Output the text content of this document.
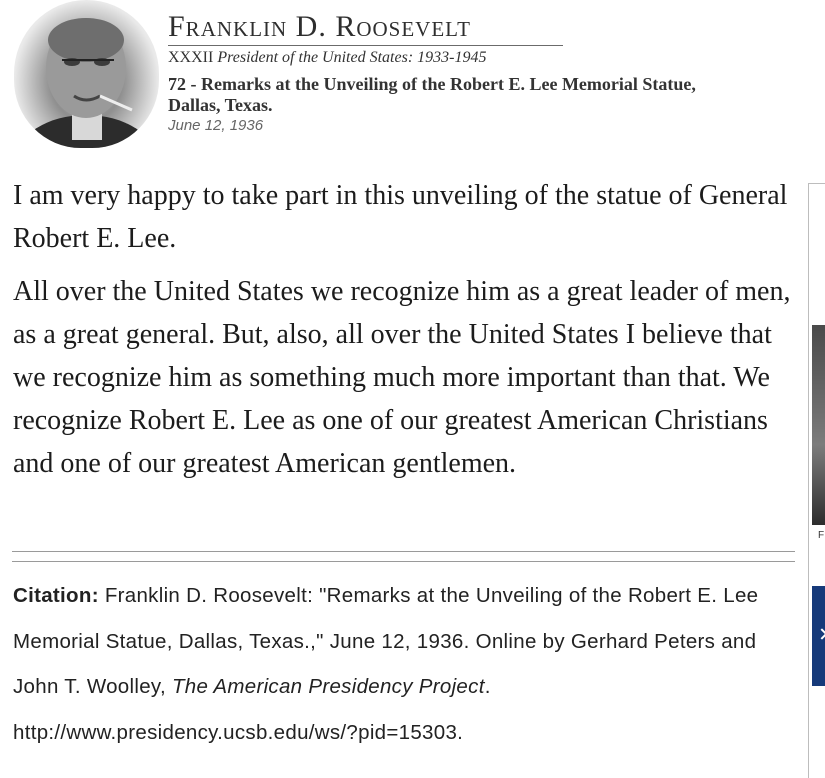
Franklin D. Roosevelt
XXXII President of the United States: 1933-1945
72 - Remarks at the Unveiling of the Robert E. Lee Memorial Statue,
Dallas, Texas.
June 12, 1936

I am very happy to take part in this unveiling of the statue of General Robert E. Lee.

All over the United States we recognize him as a great leader of men, as a great general. But, also, all over the United States I believe that we recognize him as something much more important than that. We recognize Robert E. Lee as one of our greatest American Christians and one of our greatest American gentlemen.

Citation: Franklin D. Roosevelt: "Remarks at the Unveiling of the Robert E. Lee Memorial Statue, Dallas, Texas.," June 12, 1936. Online by Gerhard Peters and John T. Woolley, The American Presidency Project. http://www.presidency.ucsb.edu/ws/?pid=15303.
F
